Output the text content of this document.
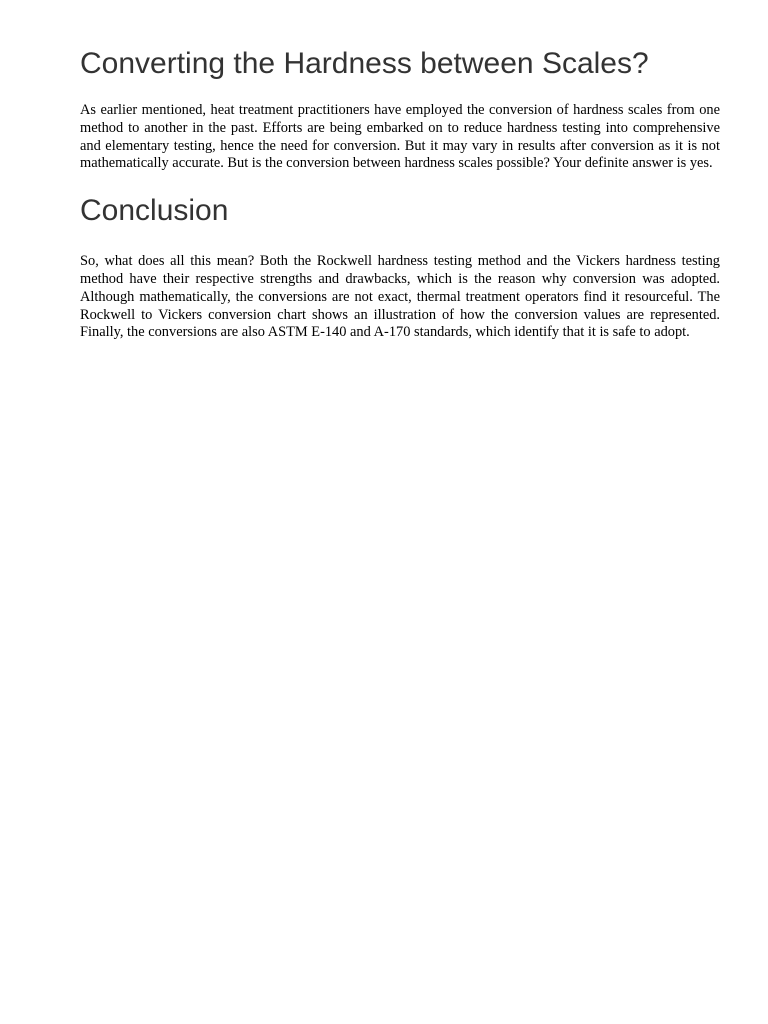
Converting the Hardness between Scales?

As earlier mentioned, heat treatment practitioners have employed the conversion of hardness scales from one method to another in the past. Efforts are being embarked on to reduce hardness testing into comprehensive and elementary testing, hence the need for conversion. But it may vary in results after conversion as it is not mathematically accurate. But is the conversion between hardness scales possible? Your definite answer is yes.

Conclusion

So, what does all this mean? Both the Rockwell hardness testing method and the Vickers hardness testing method have their respective strengths and drawbacks, which is the reason why conversion was adopted. Although mathematically, the conversions are not exact, thermal treatment operators find it resourceful. The Rockwell to Vickers conversion chart shows an illustration of how the conversion values are represented. Finally, the conversions are also ASTM E-140 and A-170 standards, which identify that it is safe to adopt.
